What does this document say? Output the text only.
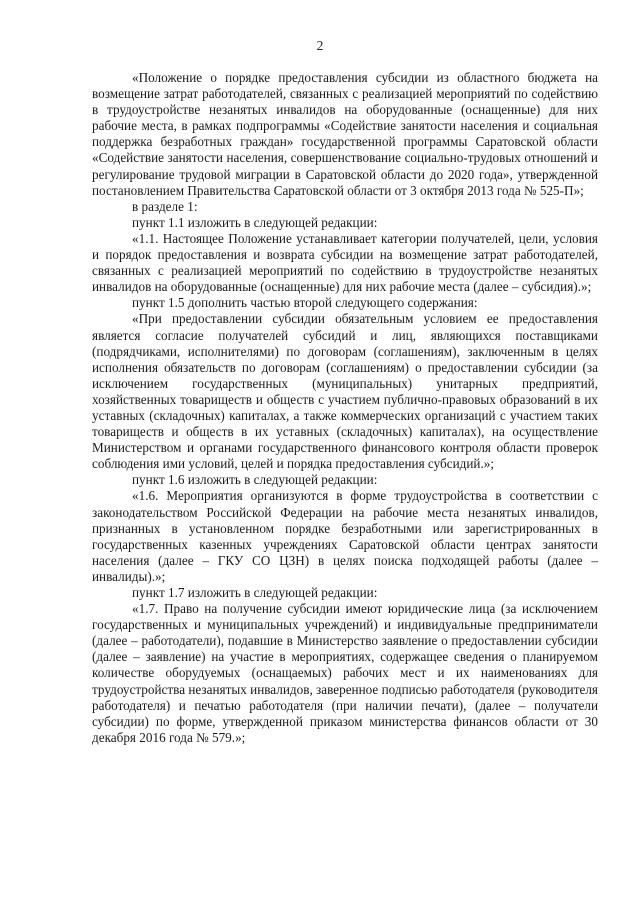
2

«Положение о порядке предоставления субсидии из областного бюджета на возмещение затрат работодателей, связанных с реализацией мероприятий по содействию в трудоустройстве незанятых инвалидов на оборудованные (оснащенные) для них рабочие места, в рамках подпрограммы «Содействие занятости населения и социальная поддержка безработных граждан» государственной программы Саратовской области «Содействие занятости населения, совершенствование социально-трудовых отношений и регулирование трудовой миграции в Саратовской области до 2020 года», утвержденной постановлением Правительства Саратовской области от 3 октября 2013 года № 525-П»;

в разделе 1:

пункт 1.1 изложить в следующей редакции:

«1.1. Настоящее Положение устанавливает категории получателей, цели, условия и порядок предоставления и возврата субсидии на возмещение затрат работодателей, связанных с реализацией мероприятий по содействию в трудоустройстве незанятых инвалидов на оборудованные (оснащенные) для них рабочие места (далее – субсидия).»;

пункт 1.5 дополнить частью второй следующего содержания:

«При предоставлении субсидии обязательным условием ее предоставления является согласие получателей субсидий и лиц, являющихся поставщиками (подрядчиками, исполнителями) по договорам (соглашениям), заключенным в целях исполнения обязательств по договорам (соглашениям) о предоставлении субсидии (за исключением государственных (муниципальных) унитарных предприятий, хозяйственных товариществ и обществ с участием публично-правовых образований в их уставных (складочных) капиталах, а также коммерческих организаций с участием таких товариществ и обществ в их уставных (складочных) капиталах), на осуществление Министерством и органами государственного финансового контроля области проверок соблюдения ими условий, целей и порядка предоставления субсидий.»;

пункт 1.6 изложить в следующей редакции:

«1.6. Мероприятия организуются в форме трудоустройства в соответствии с законодательством Российской Федерации на рабочие места незанятых инвалидов, признанных в установленном порядке безработными или зарегистрированных в государственных казенных учреждениях Саратовской области центрах занятости населения (далее – ГКУ СО ЦЗН) в целях поиска подходящей работы (далее – инвалиды).»;

пункт 1.7 изложить в следующей редакции:

«1.7. Право на получение субсидии имеют юридические лица (за исключением государственных и муниципальных учреждений) и индивидуальные предприниматели (далее – работодатели), подавшие в Министерство заявление о предоставлении субсидии (далее – заявление) на участие в мероприятиях, содержащее сведения о планируемом количестве оборудуемых (оснащаемых) рабочих мест и их наименованиях для трудоустройства незанятых инвалидов, заверенное подписью работодателя (руководителя работодателя) и печатью работодателя (при наличии печати), (далее – получатели субсидии) по форме, утвержденной приказом министерства финансов области от 30 декабря 2016 года № 579.»;
